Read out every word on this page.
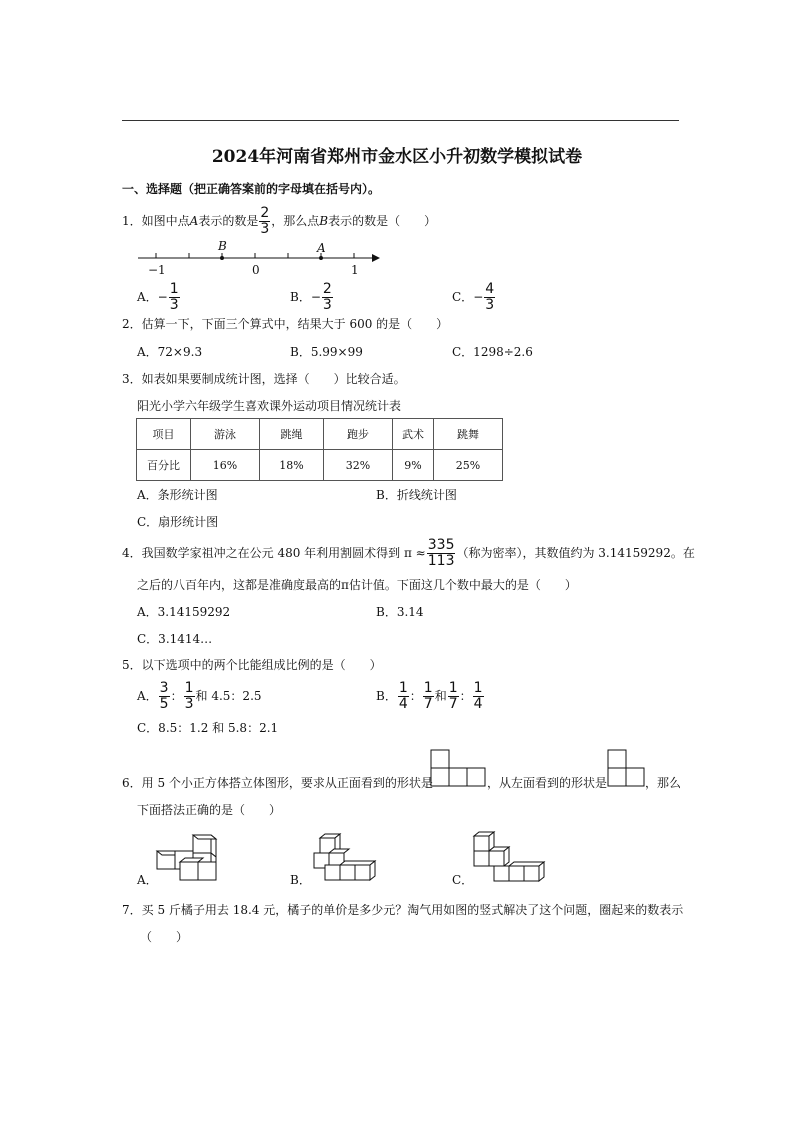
2024年河南省郑州市金水区小升初数学模拟试卷
一、选择题（把正确答案前的字母填在括号内）。
1．如图中点A表示的数是 $\frac{2}{3}$ ，那么点B表示的数是（　　）
B	A
−1	0	1
A．− $\frac{1}{3}$	B．− $\frac{2}{3}$	C．− $\frac{4}{3}$
2．估算一下，下面三个算式中，结果大于 600 的是（　　）
A．72×9.3	B．5.99×99	C．1298÷2.6
3．如表如果要制成统计图，选择（　　）比较合适。
阳光小学六年级学生喜欢课外运动项目情况统计表
项目	游泳	跳绳	跑步	武术	跳舞
百分比	16%	18%	32%	9%	25%
A．条形统计图	B．折线统计图
C．扇形统计图
4．我国数学家祖冲之在公元 480 年利用割圆术得到 $\pi \approx \frac{335}{113}$ （称为密率），其数值约为 3.14159292。在
之后的八百年内，这都是准确度最高的π估计值。下面这几个数中最大的是（　　）
A．3.14159292	B．3.14
C．3.1414…
5．以下选项中的两个比能组成比例的是（　　）
A． $\frac{3}{5}$ ： $\frac{1}{3}$ 和 4.5：2.5	B． $\frac{1}{4}$ ： $\frac{1}{7}$ 和 $\frac{1}{7}$ ： $\frac{1}{4}$
C．8.5：1.2 和 5.8：2.1
6．用 5 个小正方体搭立体图形，要求从正面看到的形状是	，从左面看到的形状是	，那么
下面搭法正确的是（　　）
A．	B．	C．
7．买 5 斤橘子用去 18.4 元，橘子的单价是多少元？淘气用如图的竖式解决了这个问题，圈起来的数表示
（　　）
